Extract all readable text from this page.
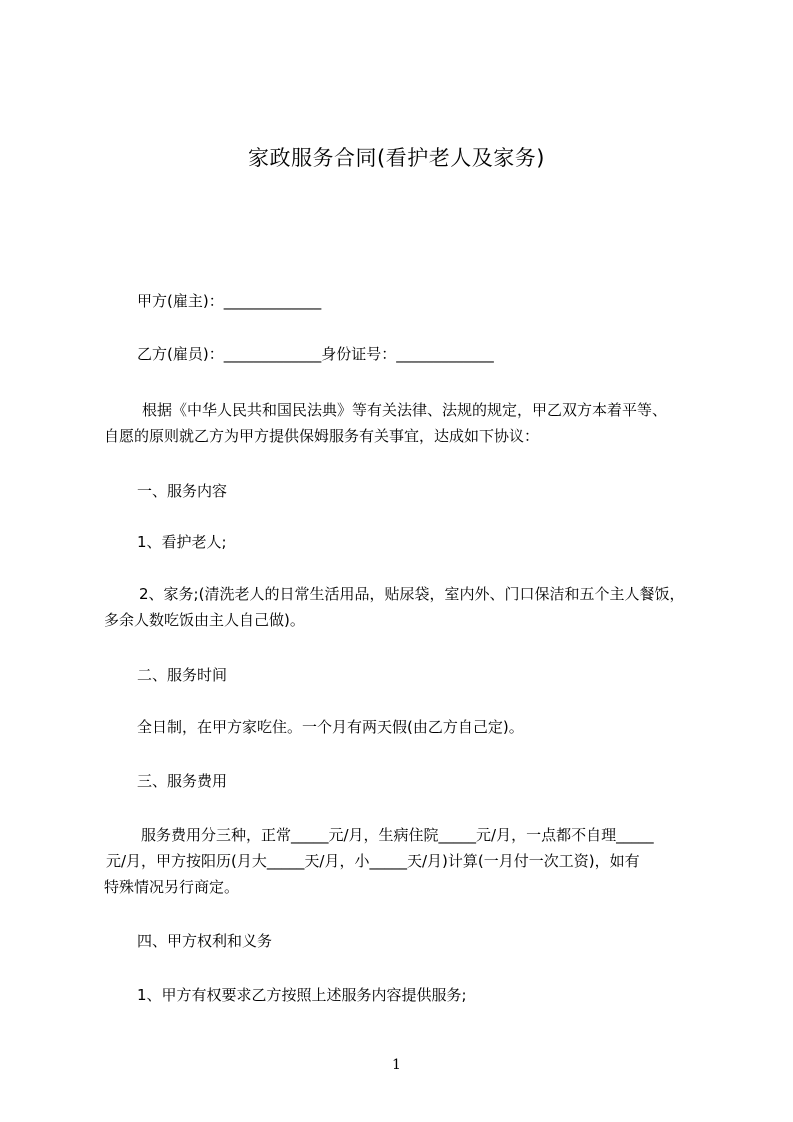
家政服务合同(看护老人及家务)
甲方(雇主)：_____________
乙方(雇员)：_____________身份证号：_____________
根据《中华人民共和国民法典》等有关法律、法规的规定，甲乙双方本着平等、
自愿的原则就乙方为甲方提供保姆服务有关事宜，达成如下协议：
一、服务内容
1、看护老人;
2、家务;(清洗老人的日常生活用品，贴尿袋，室内外、门口保洁和五个主人餐饭，
多余人数吃饭由主人自己做)。
二、服务时间
全日制，在甲方家吃住。一个月有两天假(由乙方自己定)。
三、服务费用
服务费用分三种，正常_____元/月，生病住院_____元/月，一点都不自理_____
元/月，甲方按阳历(月大_____天/月，小_____天/月)计算(一月付一次工资)，如有
特殊情况另行商定。
四、甲方权利和义务
1、甲方有权要求乙方按照上述服务内容提供服务;
1
